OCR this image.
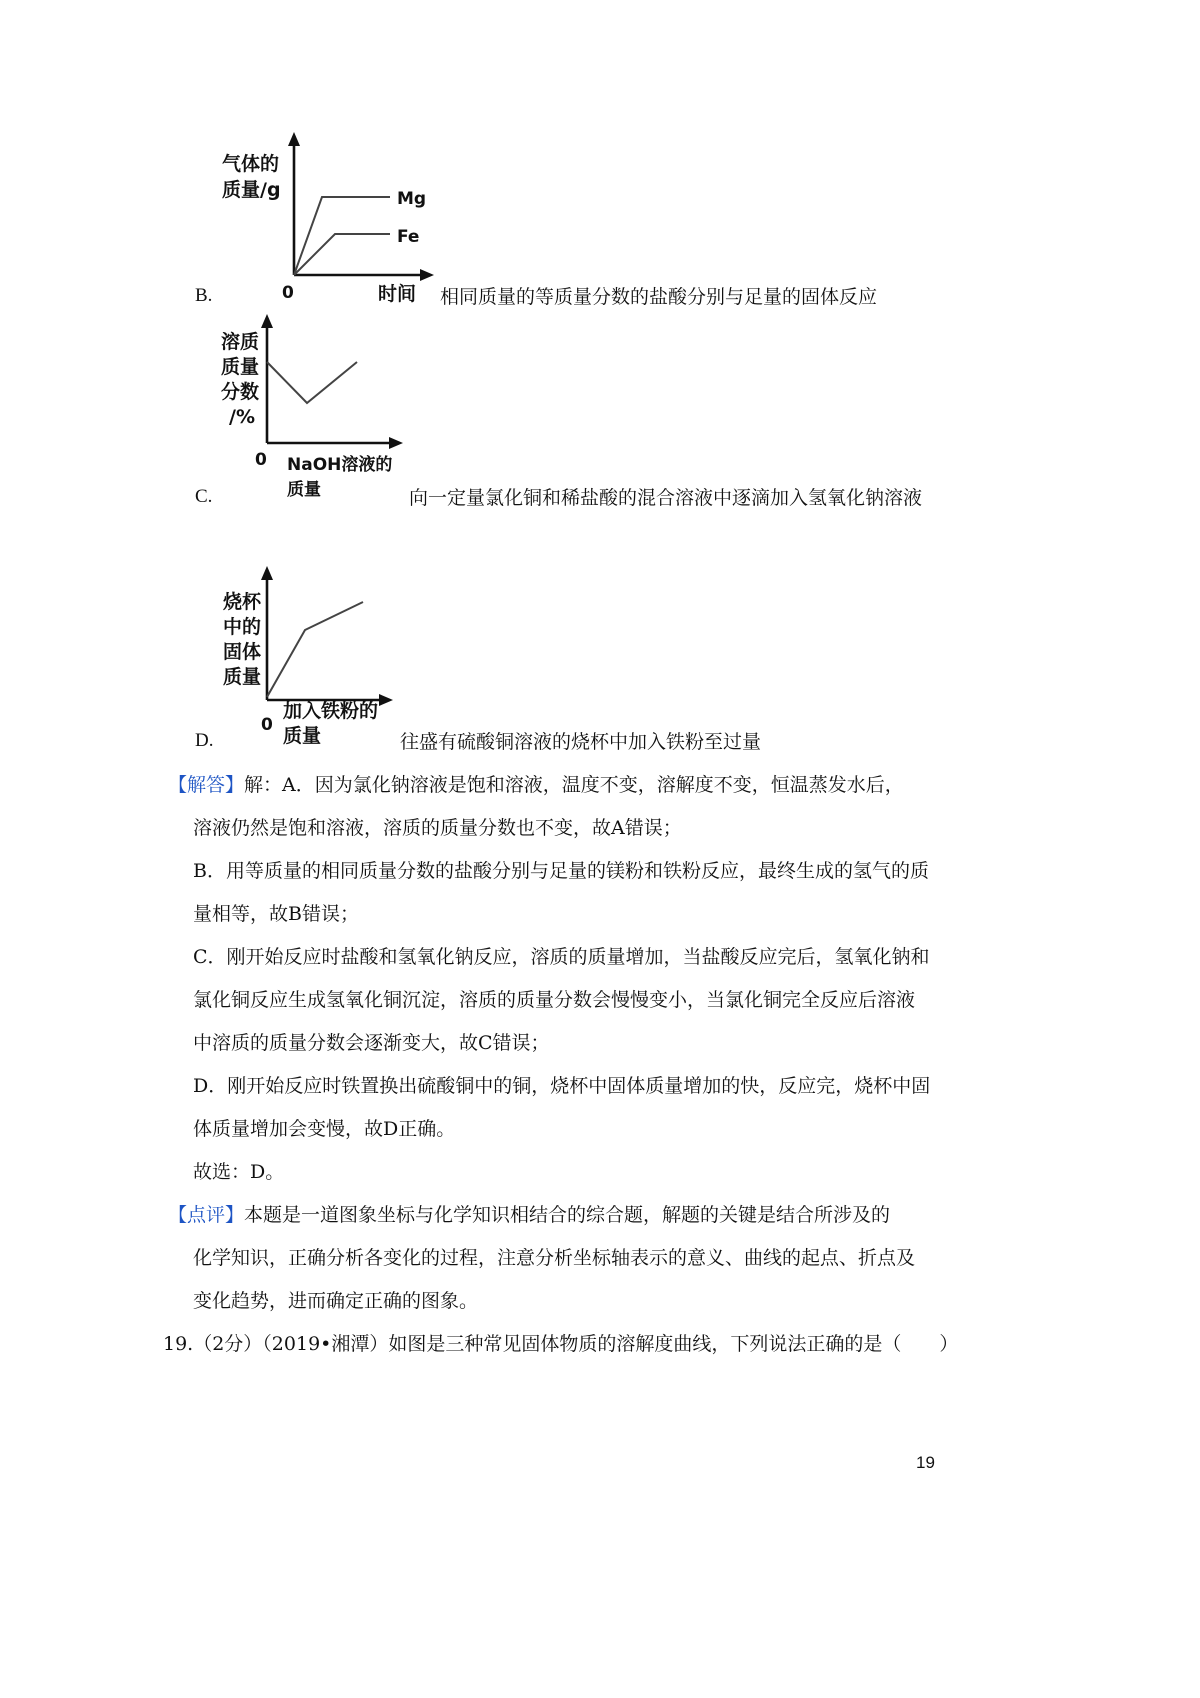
B.
气体的
质量/g	Mg
Fe
0	时间 相同质量的等质量分数的盐酸分别与足量的固体反应
C.
溶质
质量
分数
/%
0 NaOH溶液的
质量	向一定量氯化铜和稀盐酸的混合溶液中逐滴加入氢氧化钠溶液
D.
烧杯
中的
固体
质量
0
加入铁粉的
质量	往盛有硫酸铜溶液的烧杯中加入铁粉至过量
【解答】解：A．因为氯化钠溶液是饱和溶液，温度不变，溶解度不变，恒温蒸发水后，
溶液仍然是饱和溶液，溶质的质量分数也不变，故A错误；
B．用等质量的相同质量分数的盐酸分别与足量的镁粉和铁粉反应，最终生成的氢气的质
量相等，故B错误；
C．刚开始反应时盐酸和氢氧化钠反应，溶质的质量增加，当盐酸反应完后，氢氧化钠和
氯化铜反应生成氢氧化铜沉淀，溶质的质量分数会慢慢变小，当氯化铜完全反应后溶液
中溶质的质量分数会逐渐变大，故C错误；
D．刚开始反应时铁置换出硫酸铜中的铜，烧杯中固体质量增加的快，反应完，烧杯中固
体质量增加会变慢，故D正确。
故选：D。
【点评】本题是一道图象坐标与化学知识相结合的综合题，解题的关键是结合所涉及的
化学知识，正确分析各变化的过程，注意分析坐标轴表示的意义、曲线的起点、折点及
变化趋势，进而确定正确的图象。
19.（2分）（2019•湘潭）如图是三种常见固体物质的溶解度曲线，下列说法正确的是（　　）
19
